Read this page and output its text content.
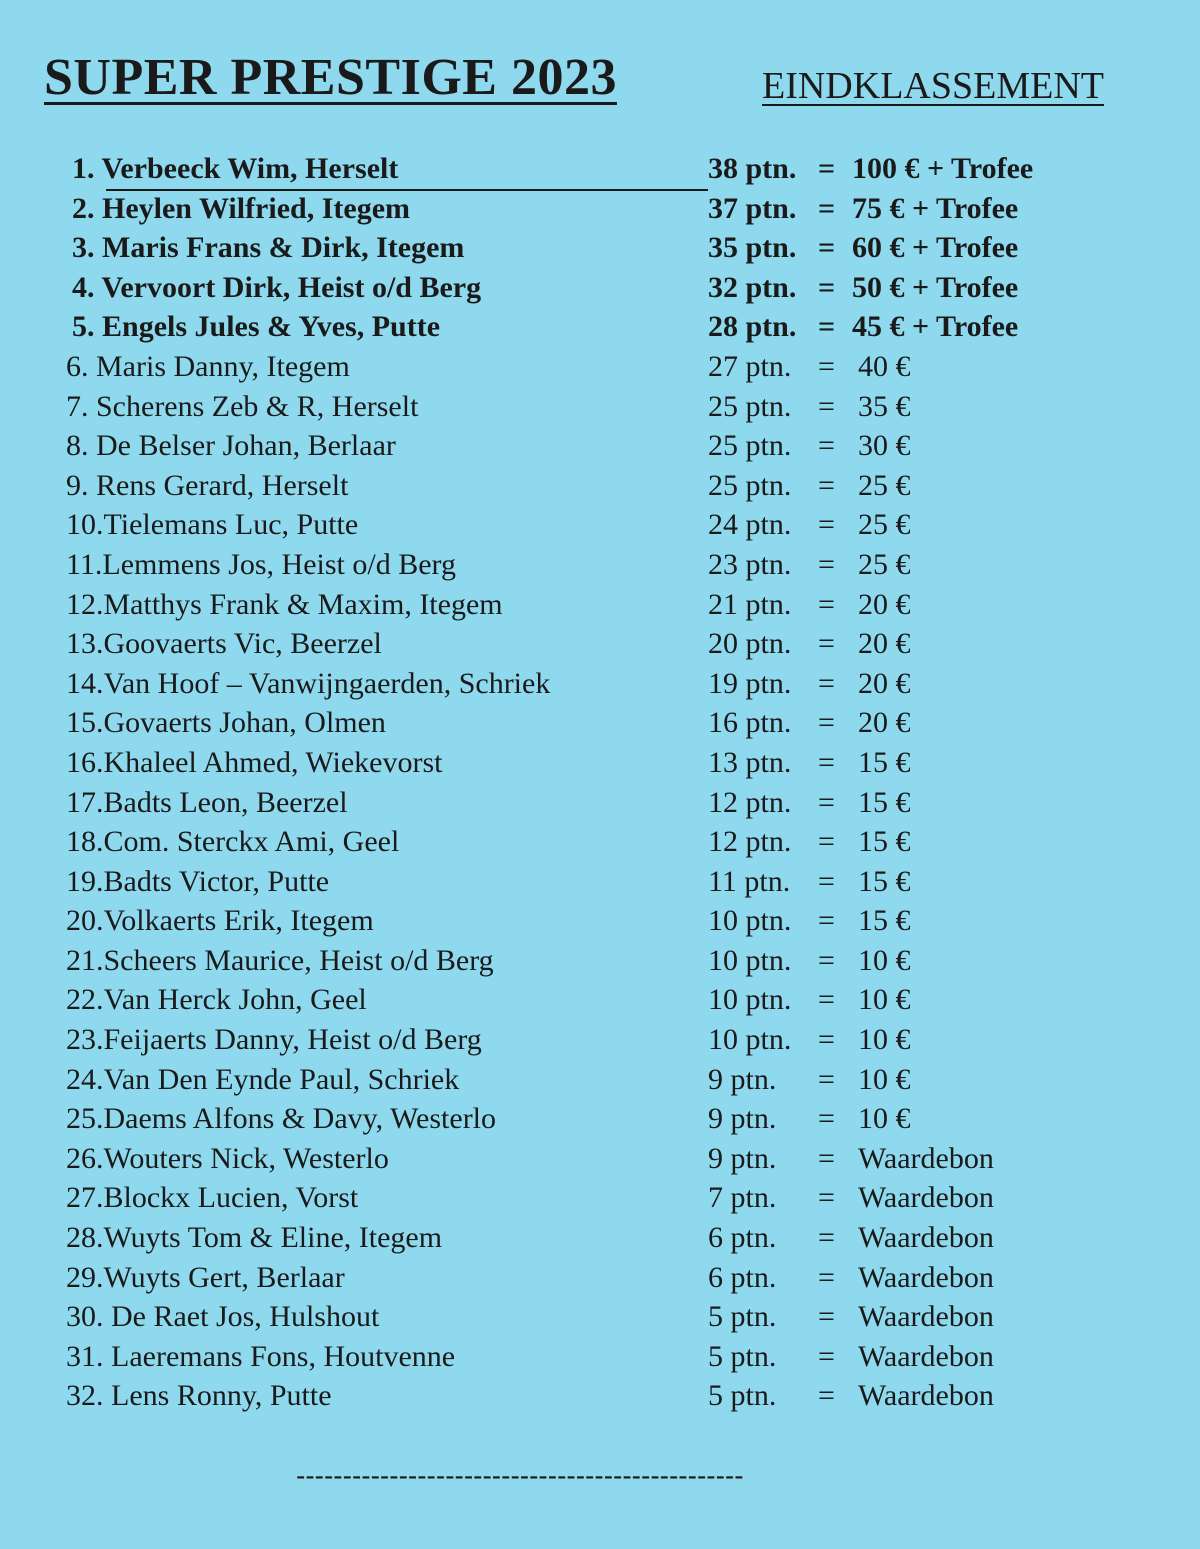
SUPER PRESTIGE 2023	EINDKLASSEMENT
1. Verbeeck Wim, Herselt	38 ptn. = 100 € + Trofee
2. Heylen Wilfried, Itegem	37 ptn. = 75 € + Trofee
3. Maris Frans & Dirk, Itegem	35 ptn. = 60 € + Trofee
4. Vervoort Dirk, Heist o/d Berg	32 ptn. = 50 € + Trofee
5. Engels Jules & Yves, Putte	28 ptn. = 45 € + Trofee
6. Maris Danny, Itegem	27 ptn. = 40 €
7. Scherens Zeb & R, Herselt	25 ptn. = 35 €
8. De Belser Johan, Berlaar	25 ptn. = 30 €
9. Rens Gerard, Herselt	25 ptn. = 25 €
10.Tielemans Luc, Putte	24 ptn. = 25 €
11.Lemmens Jos, Heist o/d Berg	23 ptn. = 25 €
12.Matthys Frank & Maxim, Itegem	21 ptn. = 20 €
13.Goovaerts Vic, Beerzel	20 ptn. = 20 €
14.Van Hoof – Vanwijngaerden, Schriek	19 ptn. = 20 €
15.Govaerts Johan, Olmen	16 ptn. = 20 €
16.Khaleel Ahmed, Wiekevorst	13 ptn. = 15 €
17.Badts Leon, Beerzel	12 ptn. = 15 €
18.Com. Sterckx Ami, Geel	12 ptn. = 15 €
19.Badts Victor, Putte	11 ptn. = 15 €
20.Volkaerts Erik, Itegem	10 ptn. = 15 €
21.Scheers Maurice, Heist o/d Berg	10 ptn. = 10 €
22.Van Herck John, Geel	10 ptn. = 10 €
23.Feijaerts Danny, Heist o/d Berg	10 ptn. = 10 €
24.Van Den Eynde Paul, Schriek	9 ptn. = 10 €
25.Daems Alfons & Davy, Westerlo	9 ptn. = 10 €
26.Wouters Nick, Westerlo	9 ptn. = Waardebon
27.Blockx Lucien, Vorst	7 ptn. = Waardebon
28.Wuyts Tom & Eline, Itegem	6 ptn. = Waardebon
29.Wuyts Gert, Berlaar	6 ptn. = Waardebon
30. De Raet Jos, Hulshout	5 ptn. = Waardebon
31. Laeremans Fons, Houtvenne	5 ptn. = Waardebon
32. Lens Ronny, Putte	5 ptn. = Waardebon
------------------------------------------------
